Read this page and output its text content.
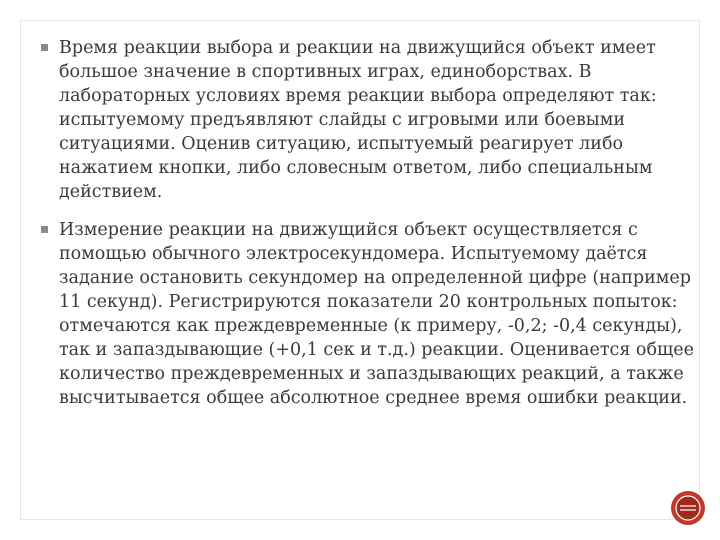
Время реакции выбора и реакции на движущийся объект имеет большое значение в спортивных играх, единоборствах. В лабораторных условиях время реакции выбора определяют так: испытуемому предъявляют слайды с игровыми или боевыми ситуациями. Оценив ситуацию, испытуемый реагирует либо нажатием кнопки, либо словесным ответом, либо специальным действием.
Измерение реакции на движущийся объект осуществляется с помощью обычного электросекундомера. Испытуемому даётся задание остановить секундомер на определенной цифре (например 11 секунд). Регистрируются показатели 20 контрольных попыток: отмечаются как преждевременные (к примеру, -0,2; -0,4 секунды), так и запаздывающие (+0,1 сек и т.д.) реакции. Оценивается общее количество преждевременных и запаздывающих реакций, а также высчитывается общее абсолютное среднее время ошибки реакции.
